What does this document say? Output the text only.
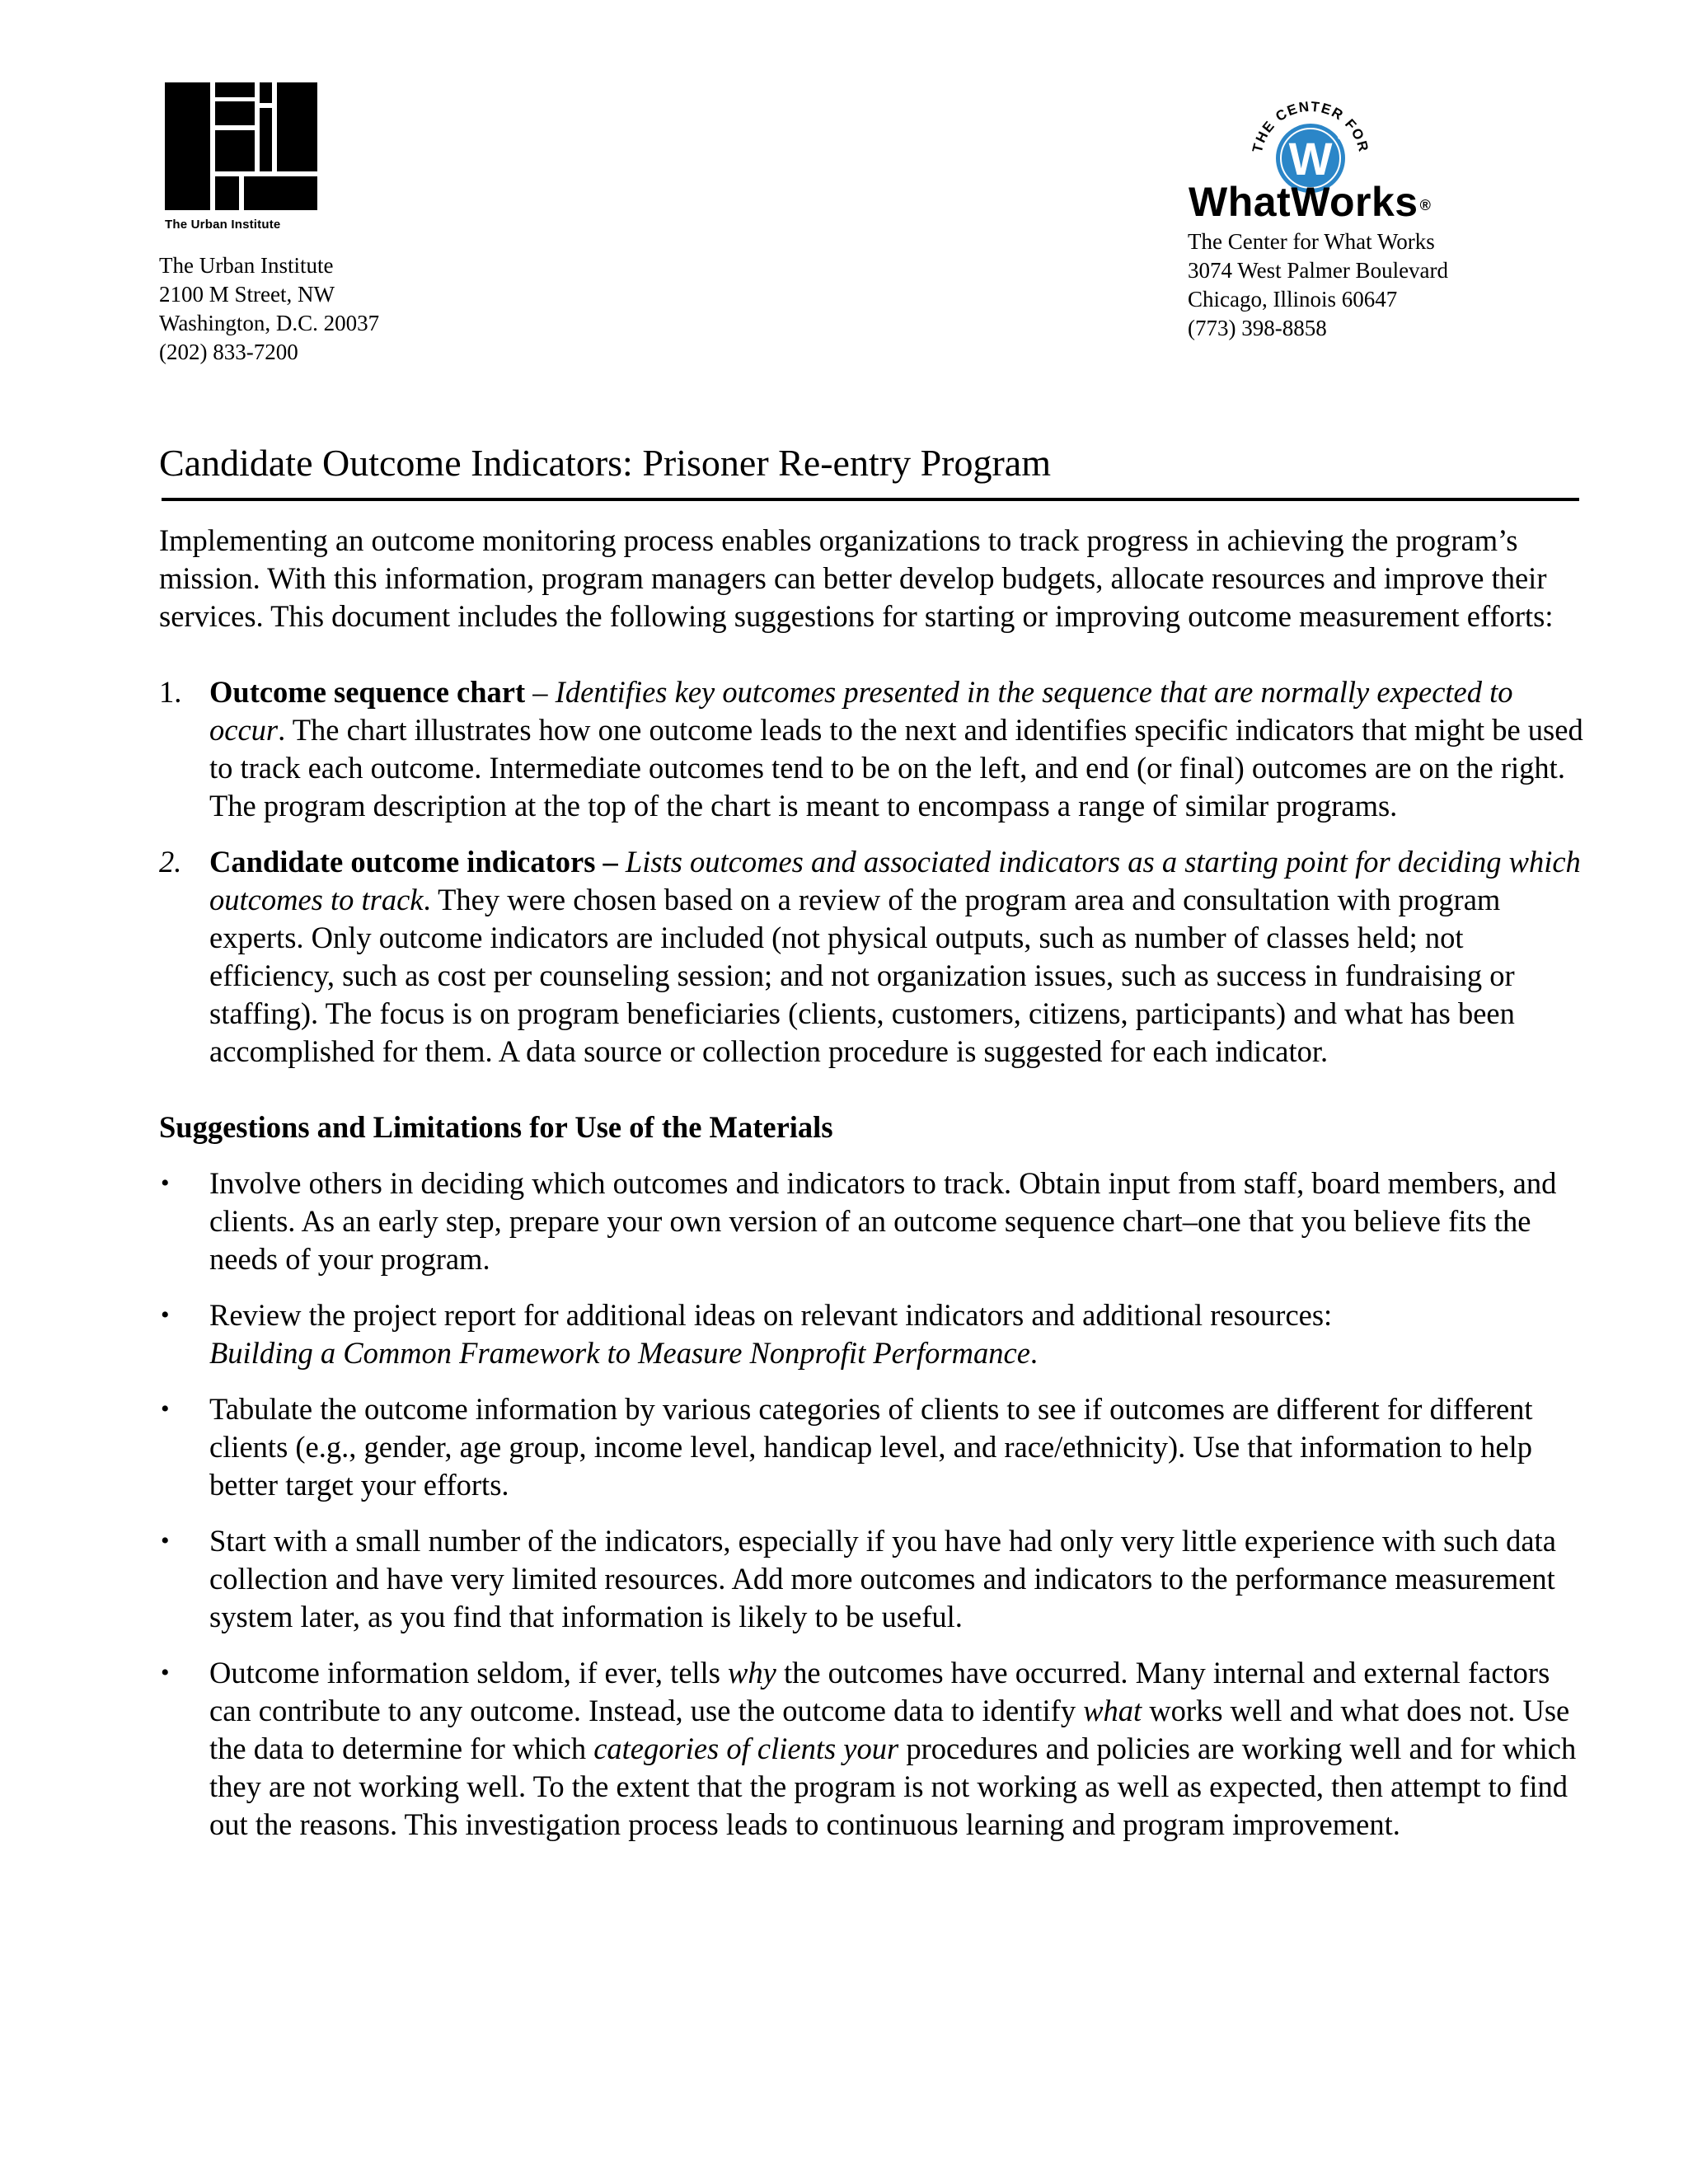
The Urban Institute
The Urban Institute
2100 M Street, NW
Washington, D.C. 20037
(202) 833-7200
THE CENTER FOR
W
WhatWorks ®
The Center for What Works
3074 West Palmer Boulevard
Chicago, Illinois 60647
(773) 398-8858
Candidate Outcome Indicators: Prisoner Re-entry Program

Implementing an outcome monitoring process enables organizations to track progress in achieving the program’s mission. With this information, program managers can better develop budgets, allocate resources and improve their services. This document includes the following suggestions for starting or improving outcome measurement efforts:

1. Outcome sequence chart – Identifies key outcomes presented in the sequence that are normally expected to occur. The chart illustrates how one outcome leads to the next and identifies specific indicators that might be used to track each outcome. Intermediate outcomes tend to be on the left, and end (or final) outcomes are on the right. The program description at the top of the chart is meant to encompass a range of similar programs.
2. Candidate outcome indicators – Lists outcomes and associated indicators as a starting point for deciding which outcomes to track. They were chosen based on a review of the program area and consultation with program experts. Only outcome indicators are included (not physical outputs, such as number of classes held; not efficiency, such as cost per counseling session; and not organization issues, such as success in fundraising or staffing). The focus is on program beneficiaries (clients, customers, citizens, participants) and what has been accomplished for them. A data source or collection procedure is suggested for each indicator.

Suggestions and Limitations for Use of the Materials

•
Involve others in deciding which outcomes and indicators to track. Obtain input from staff, board members, and clients. As an early step, prepare your own version of an outcome sequence chart–one that you believe fits the needs of your program.
•
Review the project report for additional ideas on relevant indicators and additional resources:
Building a Common Framework to Measure Nonprofit Performance.
•
Tabulate the outcome information by various categories of clients to see if outcomes are different for different clients (e.g., gender, age group, income level, handicap level, and race/ethnicity). Use that information to help better target your efforts.
•
Start with a small number of the indicators, especially if you have had only very little experience with such data collection and have very limited resources. Add more outcomes and indicators to the performance measurement system later, as you find that information is likely to be useful.
•
Outcome information seldom, if ever, tells why the outcomes have occurred. Many internal and external factors can contribute to any outcome. Instead, use the outcome data to identify what works well and what does not. Use the data to determine for which categories of clients your procedures and policies are working well and for which they are not working well. To the extent that the program is not working as well as expected, then attempt to find out the reasons. This investigation process leads to continuous learning and program improvement.
